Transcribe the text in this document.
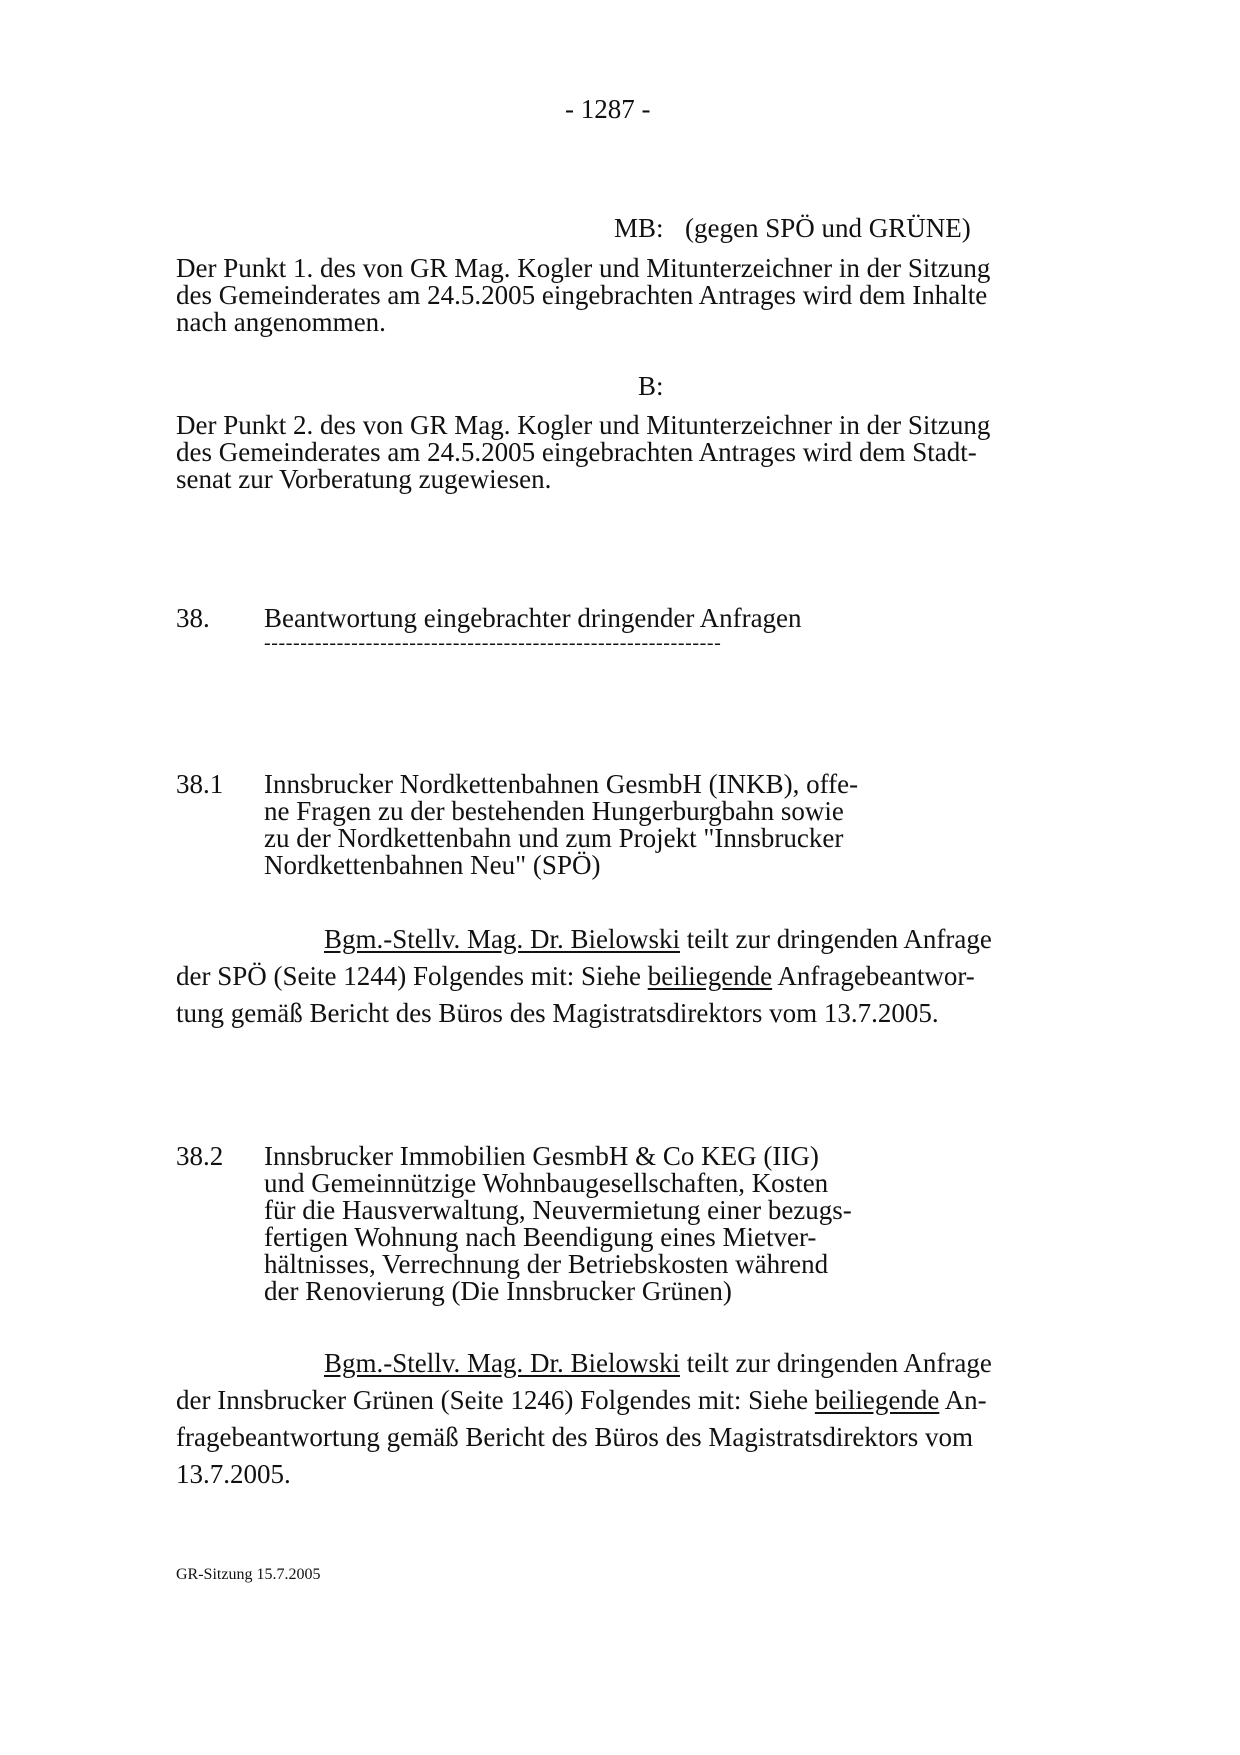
- 1287 -
MB: (gegen SPÖ und GRÜNE)
Der Punkt 1. des von GR Mag. Kogler und Mitunterzeichner in der Sitzung
des Gemeinderates am 24.5.2005 eingebrachten Antrages wird dem Inhalte
nach angenommen.
B:
Der Punkt 2. des von GR Mag. Kogler und Mitunterzeichner in der Sitzung
des Gemeinderates am 24.5.2005 eingebrachten Antrages wird dem Stadt-
senat zur Vorberatung zugewiesen.
38. Beantwortung eingebrachter dringender Anfragen
---------------------------------------------------------------
38.1 Innsbrucker Nordkettenbahnen GesmbH (INKB), offe-
ne Fragen zu der bestehenden Hungerburgbahn sowie
zu der Nordkettenbahn und zum Projekt "Innsbrucker
Nordkettenbahnen Neu" (SPÖ)
Bgm.-Stellv. Mag. Dr. Bielowski teilt zur dringenden Anfrage
der SPÖ (Seite 1244) Folgendes mit: Siehe beiliegende Anfragebeantwor-
tung gemäß Bericht des Büros des Magistratsdirektors vom 13.7.2005.
38.2 Innsbrucker Immobilien GesmbH & Co KEG (IIG)
und Gemeinnützige Wohnbaugesellschaften, Kosten
für die Hausverwaltung, Neuvermietung einer bezugs-
fertigen Wohnung nach Beendigung eines Mietver-
hältnisses, Verrechnung der Betriebskosten während
der Renovierung (Die Innsbrucker Grünen)
Bgm.-Stellv. Mag. Dr. Bielowski teilt zur dringenden Anfrage
der Innsbrucker Grünen (Seite 1246) Folgendes mit: Siehe beiliegende An-
fragebeantwortung gemäß Bericht des Büros des Magistratsdirektors vom
13.7.2005.
GR-Sitzung 15.7.2005
